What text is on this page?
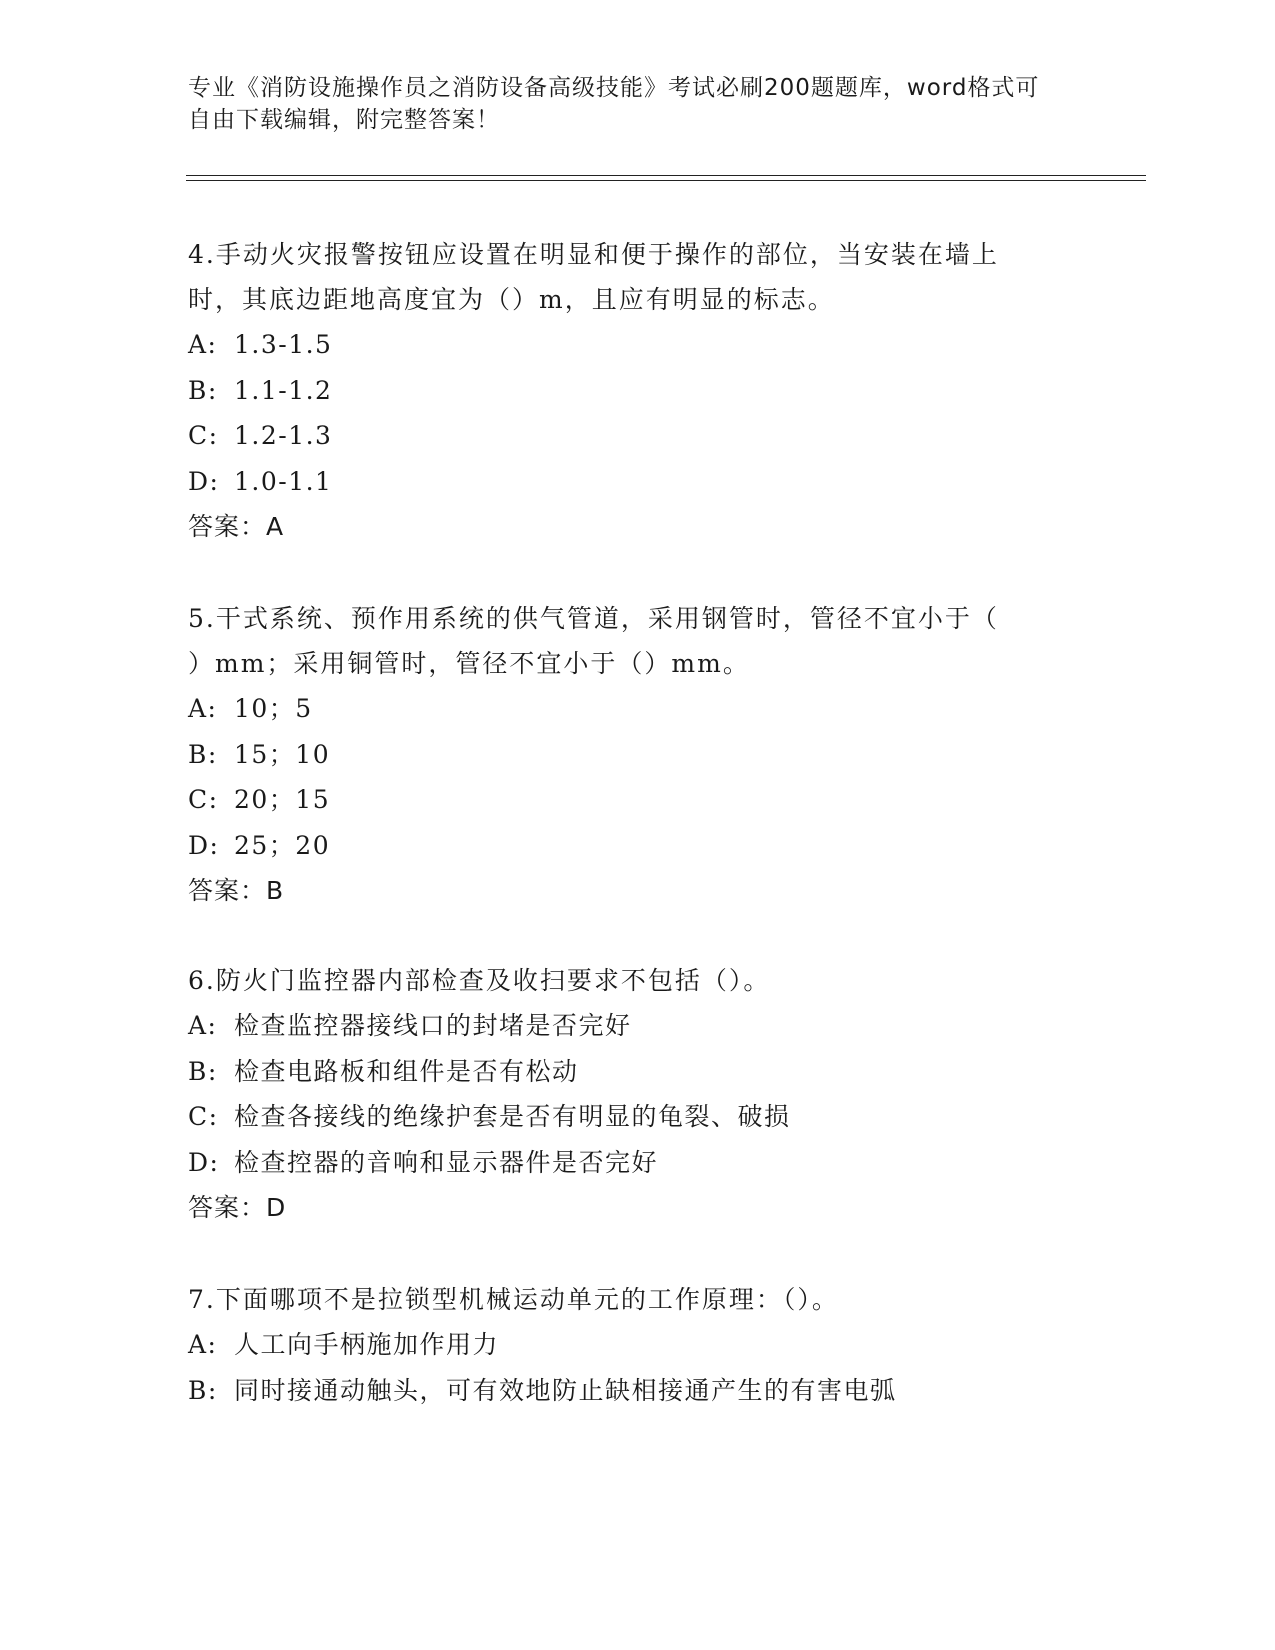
专业《消防设施操作员之消防设备高级技能》考试必刷200题题库，word格式可
自由下载编辑，附完整答案！
4.手动火灾报警按钮应设置在明显和便于操作的部位，当安装在墙上
时，其底边距地高度宜为（）m，且应有明显的标志。
A: 1.3-1.5
B: 1.1-1.2
C: 1.2-1.3
D: 1.0-1.1
答案：A
5.干式系统、预作用系统的供气管道，采用钢管时，管径不宜小于（
）mm；采用铜管时，管径不宜小于（）mm。
A: 10；5
B: 15；10
C: 20；15
D: 25；20
答案：B
6.防火门监控器内部检查及收扫要求不包括（）。
A: 检查监控器接线口的封堵是否完好
B: 检查电路板和组件是否有松动
C: 检查各接线的绝缘护套是否有明显的龟裂、破损
D: 检查控器的音响和显示器件是否完好
答案：D
7.下面哪项不是拉锁型机械运动单元的工作原理：（）。
A: 人工向手柄施加作用力
B: 同时接通动触头，可有效地防止缺相接通产生的有害电弧
